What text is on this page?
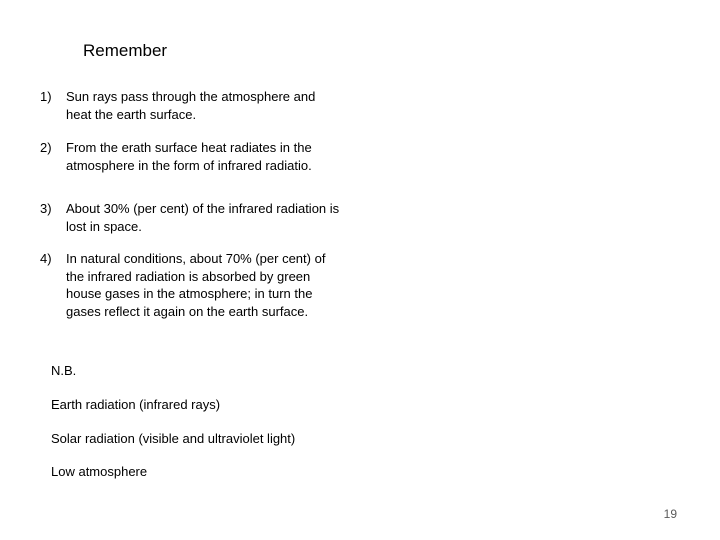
Remember
1)	Sun rays pass through the atmosphere and
heat the earth surface.
2)	From the erath surface heat radiates in the
atmosphere in the form of infrared radiatio.
3)	About 30% (per cent) of the infrared radiation is
lost in space.
4)	In natural conditions, about 70% (per cent) of
the infrared radiation is absorbed by green
house gases in the atmosphere; in turn the
gases reflect it again on the earth surface.
N.B.
Earth radiation (infrared rays)
Solar radiation (visible and ultraviolet light)
Low atmosphere
19
